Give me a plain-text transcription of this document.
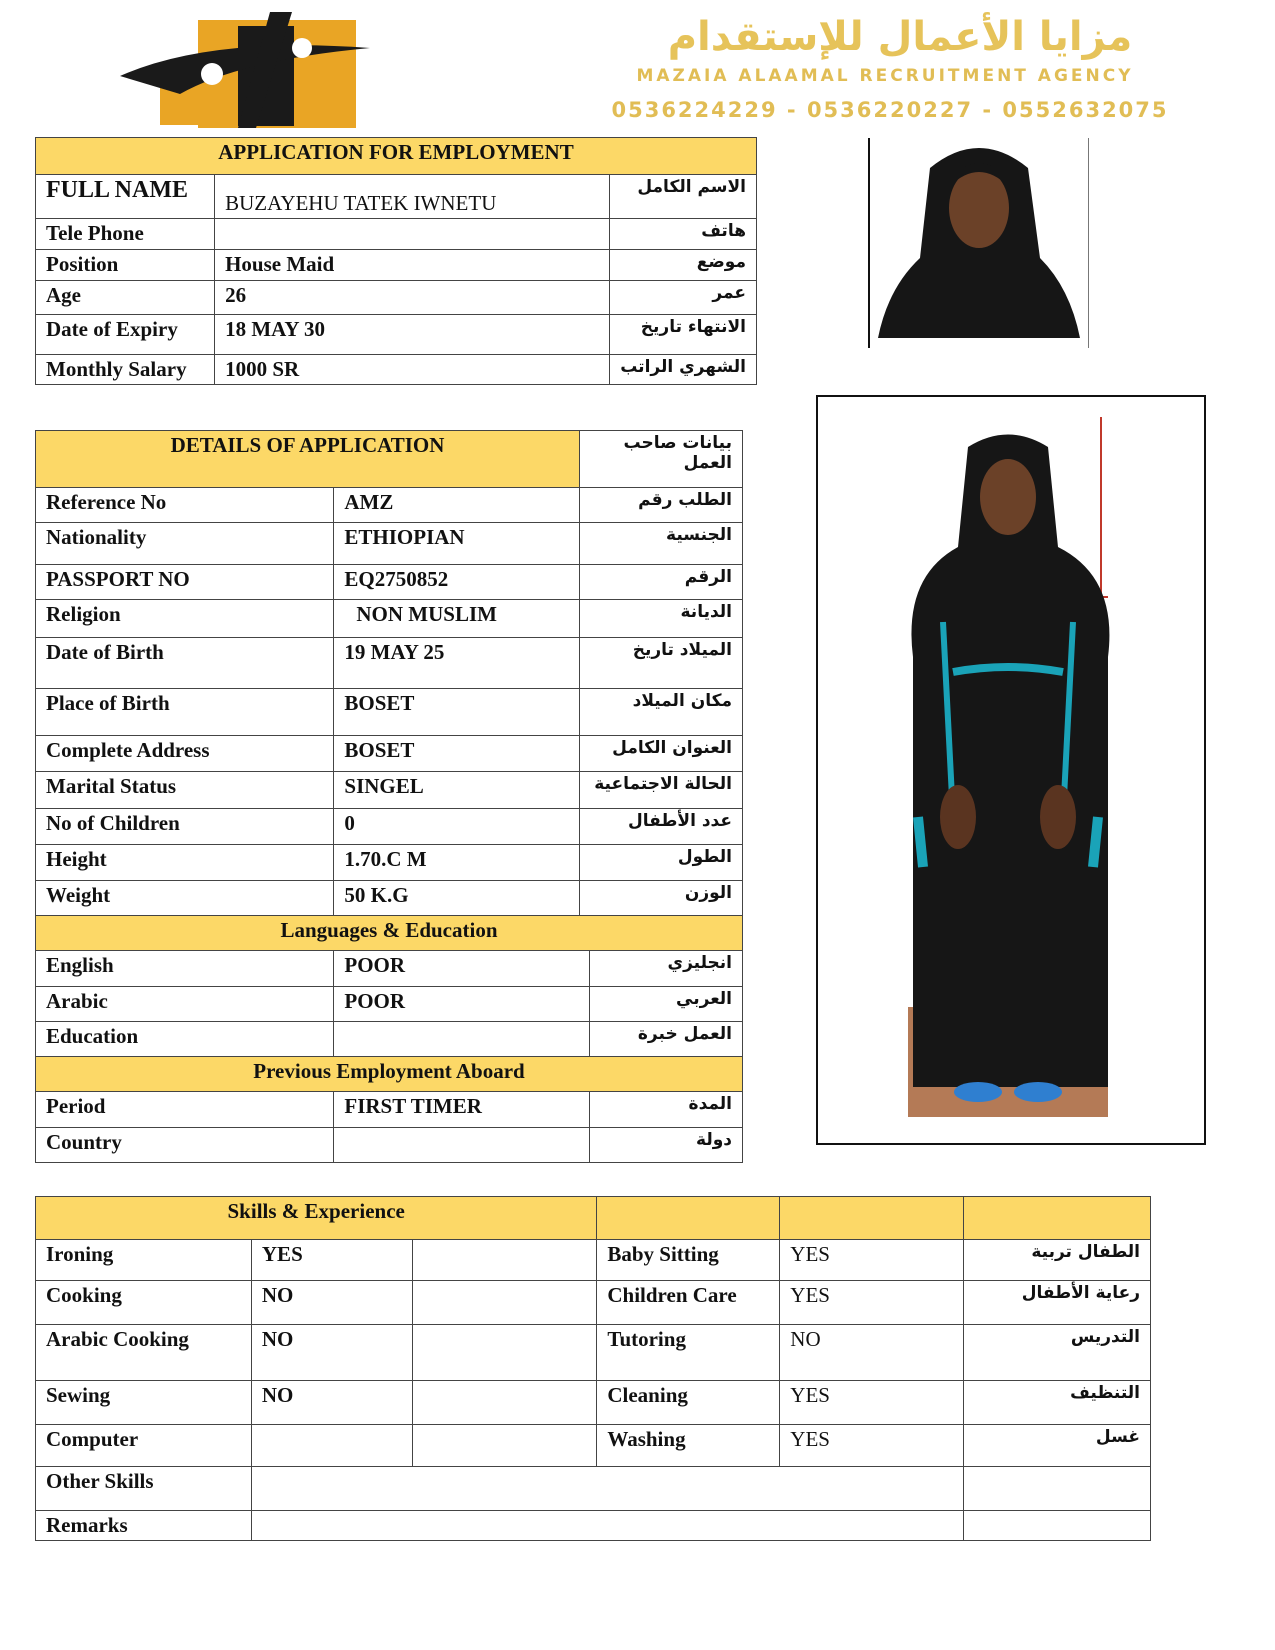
مزايا الأعمال للإستقدام
MAZAIA ALAAMAL RECRUITMENT AGENCY
0536224229 - 0536220227 - 0552632075
APPLICATION FOR EMPLOYMENT		
FULL NAME	BUZAYEHU TATEK IWNETU	الاسم الكامل
Tele Phone		هاتف
Position	House Maid	موضع
Age	26	عمر
Date of Expiry	18 MAY 30	الانتهاء تاريخ
Monthly Salary	1000 SR	الشهري الراتب
DETAILS OF APPLICATION		بيانات صاحب العمل	
Reference No	AMZ	الطلب رقم	
Nationality	ETHIOPIAN	الجنسية	
PASSPORT NO	EQ2750852	الرقم	
Religion	NON MUSLIM	الديانة	
Date of Birth	19 MAY 25	الميلاد تاريخ	
Place of Birth	BOSET	مكان الميلاد	
Complete Address	BOSET	العنوان الكامل	
Marital Status	SINGEL	الحالة الاجتماعية	
No of Children	0	عدد الأطفال	
Height	1.70.C M	الطول	
Weight	50 K.G	الوزن	
Languages & Education			
English	POOR		انجليزي
Arabic	POOR		العربي
Education			العمل خبرة
Previous Employment Aboard			
Period	FIRST TIMER		المدة
Country			دولة
Skills & Experience					
Ironing	YES		Baby Sitting	YES	الطفال تربية
Cooking	NO		Children Care	YES	رعاية الأطفال
Arabic Cooking	NO		Tutoring	NO	التدريس
Sewing	NO		Cleaning	YES	التنظيف
Computer			Washing	YES	غسل
Other Skills					
Remarks					
